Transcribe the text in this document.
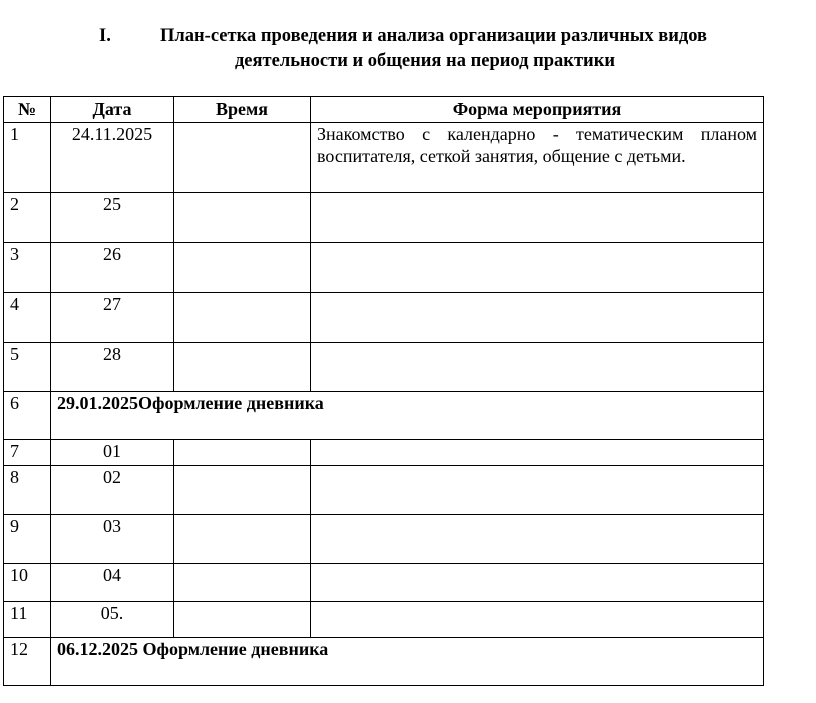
I.	План-сетка проведения и анализа организации различных видов
деятельности и общения на период практики
№	Дата	Время	Форма мероприятия
1	24.11.2025		Знакомство с календарно - тематическим планом воспитателя, сеткой занятия, общение с детьми.
2	25		
3	26		
4	27		
5	28		
6	29.01.2025Оформление дневника		
7	01		
8	02		
9	03		
10	04		
11	05.		
12	06.12.2025 Оформление дневника		
